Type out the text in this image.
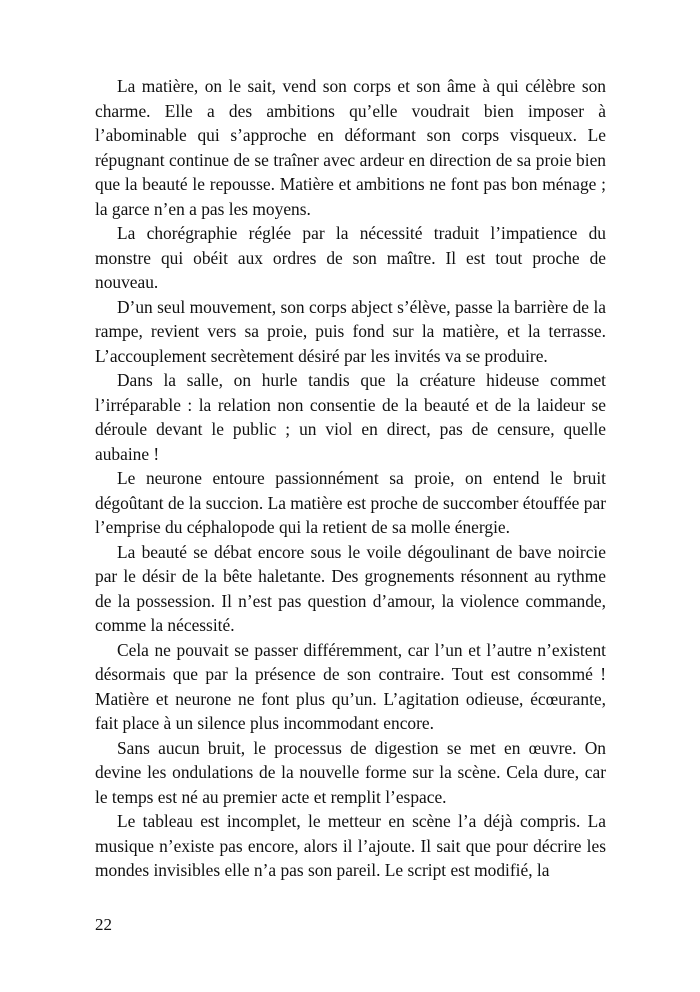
La matière, on le sait, vend son corps et son âme à qui célèbre son charme. Elle a des ambitions qu’elle voudrait bien imposer à l’abominable qui s’approche en déformant son corps visqueux. Le répugnant continue de se traîner avec ardeur en direction de sa proie bien que la beauté le repousse. Matière et ambitions ne font pas bon ménage ; la garce n’en a pas les moyens.

La chorégraphie réglée par la nécessité traduit l’impatience du monstre qui obéit aux ordres de son maître. Il est tout proche de nouveau.

D’un seul mouvement, son corps abject s’élève, passe la barrière de la rampe, revient vers sa proie, puis fond sur la matière, et la terrasse. L’accouplement secrètement désiré par les invités va se produire.

Dans la salle, on hurle tandis que la créature hideuse commet l’irréparable : la relation non consentie de la beauté et de la laideur se déroule devant le public ; un viol en direct, pas de censure, quelle aubaine !

Le neurone entoure passionnément sa proie, on entend le bruit dégoûtant de la succion. La matière est proche de succomber étouffée par l’emprise du céphalopode qui la retient de sa molle énergie.

La beauté se débat encore sous le voile dégoulinant de bave noircie par le désir de la bête haletante. Des grognements résonnent au rythme de la possession. Il n’est pas question d’amour, la violence commande, comme la nécessité.

Cela ne pouvait se passer différemment, car l’un et l’autre n’existent désormais que par la présence de son contraire. Tout est consommé ! Matière et neurone ne font plus qu’un. L’agitation odieuse, écœurante, fait place à un silence plus incommodant encore.

Sans aucun bruit, le processus de digestion se met en œuvre. On devine les ondulations de la nouvelle forme sur la scène. Cela dure, car le temps est né au premier acte et remplit l’espace.

Le tableau est incomplet, le metteur en scène l’a déjà compris. La musique n’existe pas encore, alors il l’ajoute. Il sait que pour décrire les mondes invisibles elle n’a pas son pareil. Le script est modifié, la

22
